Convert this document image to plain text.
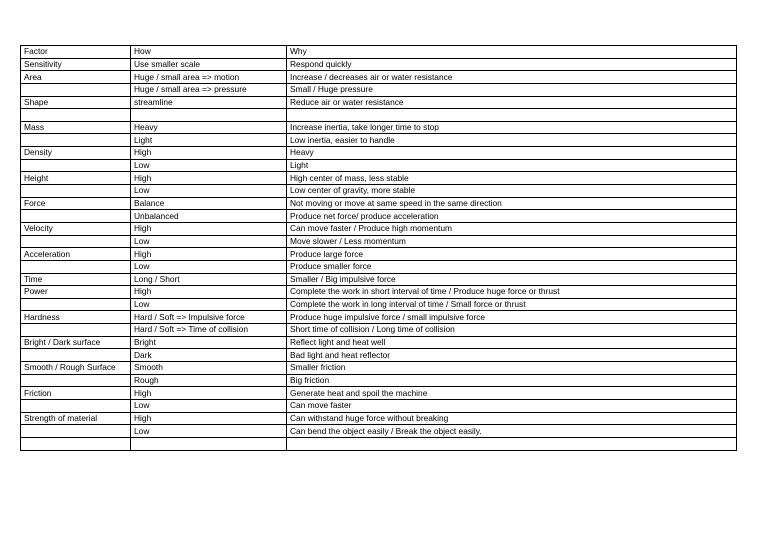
Factor	How	Why
Sensitivity	Use smaller scale	Respond quickly
Area	Huge / small area => motion	Increase / decreases air or water resistance
	Huge / small area => pressure	Small / Huge pressure
Shape	streamline	Reduce air or water resistance

Mass	Heavy	Increase inertia, take longer time to stop
	Light	Low inertia, easier to handle
Density	High	Heavy
	Low	Light
Height	High	High center of mass, less stable
	Low	Low center of gravity, more stable
Force	Balance	Not moving or move at same speed in the same direction
	Unbalanced	Produce net force/ produce acceleration
Velocity	High	Can move faster / Produce high momentum
	Low	Move slower / Less momentum
Acceleration	High	Produce large force
	Low	Produce smaller force
Time	Long / Short	Smaller / Big impulsive force
Power	High	Complete the work in short interval of time / Produce huge force or thrust
	Low	Complete the work in long interval of time / Small force or thrust
Hardness	Hard / Soft => Impulsive force	Produce huge impulsive force / small impulsive force
	Hard / Soft => Time of collision	Short time of collision / Long time of collision
Bright / Dark surface	Bright	Reflect light and heat well
	Dark	Bad light and heat reflector
Smooth / Rough Surface	Smooth	Smaller friction
	Rough	Big friction
Friction	High	Generate heat and spoil the machine
	Low	Can move faster
Strength of material	High	Can withstand huge force without breaking
	Low	Can bend the object easily / Break the object easily.
